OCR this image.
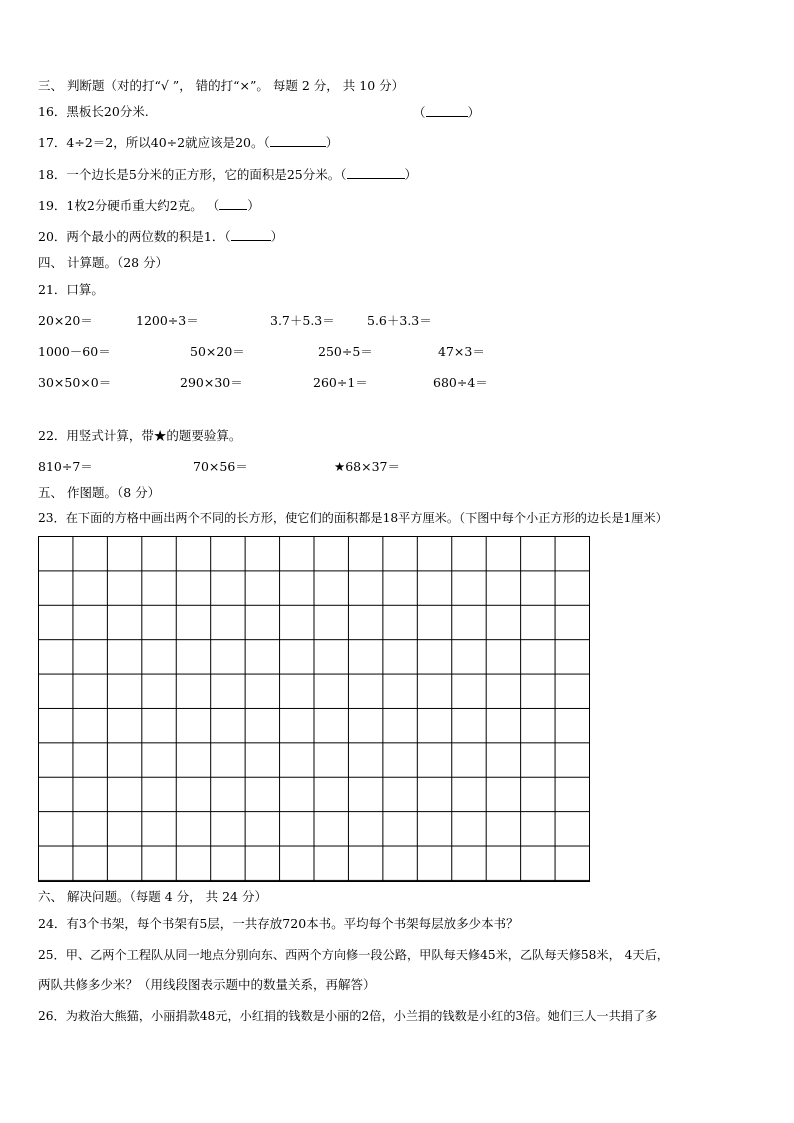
三、 判断题（对的打“√ ”， 错的打“×”。 每题 2 分， 共 10 分）
16．黑板长20分米.	（	）
17．4÷2＝2，所以40÷2就应该是20。（	）
18．一个边长是5分米的正方形，它的面积是25分米。（	）
19．1枚2分硬币重大约2克。 （ ）
20．两个最小的两位数的积是1．（	）
四、 计算题。（28 分）
21．口算。
20×20＝	1200÷3＝	3.7＋5.3＝	5.6＋3.3＝
1000－60＝	50×20＝	250÷5＝	47×3＝
30×50×0＝	290×30＝	260÷1＝	680÷4＝
22．用竖式计算，带★的题要验算。
810÷7＝	70×56＝	★68×37＝
五、 作图题。（8 分）
23．在下面的方格中画出两个不同的长方形，使它们的面积都是18平方厘米。（下图中每个小正方形的边长是1厘米）
六、 解决问题。（每题 4 分， 共 24 分）
24．有3个书架，每个书架有5层，一共存放720本书。平均每个书架每层放多少本书？
25．甲、乙两个工程队从同一地点分别向东、西两个方向修一段公路，甲队每天修45米，乙队每天修58米， 4天后，
两队共修多少米？（用线段图表示题中的数量关系，再解答）
26．为救治大熊猫，小丽捐款48元，小红捐的钱数是小丽的2倍，小兰捐的钱数是小红的3倍。她们三人一共捐了多
